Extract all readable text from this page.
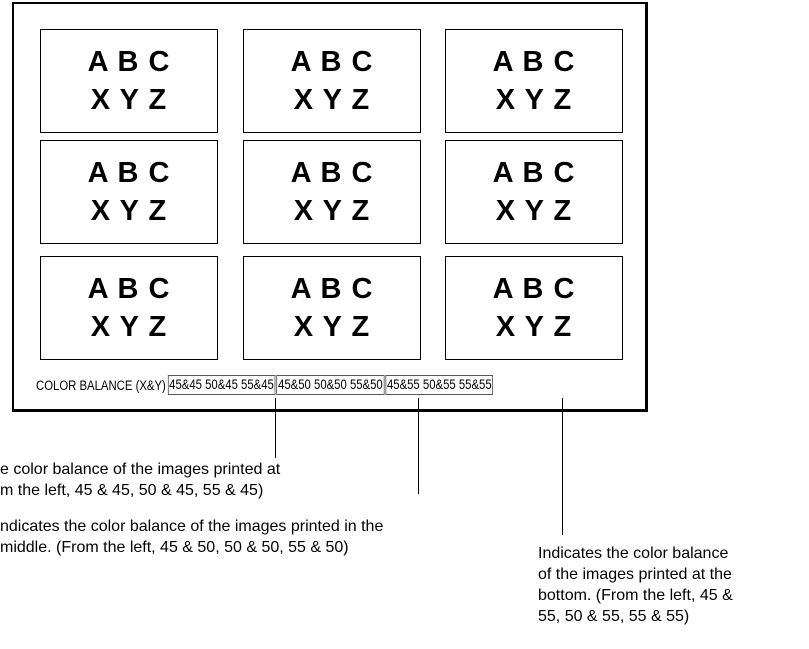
A B C
X Y Z
A B C
X Y Z
A B C
X Y Z
A B C
X Y Z
A B C
X Y Z
A B C
X Y Z
A B C
X Y Z
A B C
X Y Z
A B C
X Y Z
COLOR BALANCE (X&Y) 45&45 50&45 55&45 45&50 50&50 55&50 45&55 50&55 55&55
e color balance of the images printed at
m the left, 45 & 45, 50 & 45, 55 & 45)
ndicates the color balance of the images printed in the
middle. (From the left, 45 & 50, 50 & 50, 55 & 50)	Indicates the color balance
of the images printed at the
bottom. (From the left, 45 &
55, 50 & 55, 55 & 55)
